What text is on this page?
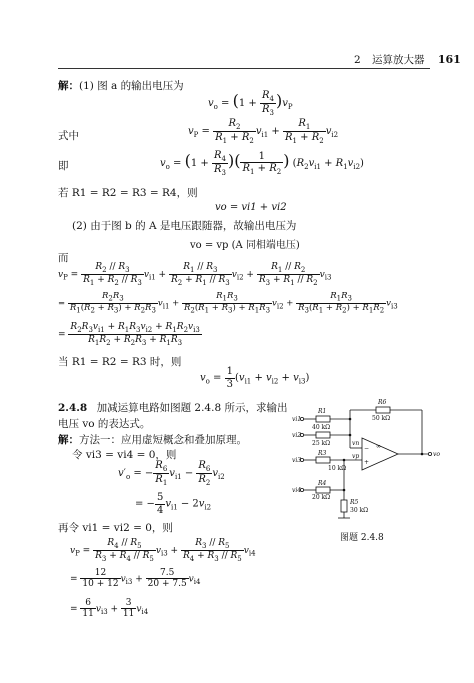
2 运算放大器 161
解：(1) 图 a 的输出电压为
$v_o = (1 + \frac{R_4}{R_3} )v_P$
式中	$v_P = \frac{R_2}{R_1 + R_2} v_{i1} + \frac{R_1}{R_1 + R_2} v_{i2}$
即	$v_o = (1 + \frac{R_4}{R_3}$ )( $\frac{1}{R_1 + R_2}$ ) $(R_2v_{i1} + R_1v_{i2})$
若 R1 = R2 = R3 = R4，则
vo = vi1 + vi2
(2) 由于图 b 的 A 是电压跟随器，故输出电压为
vo = vp (A 同相端电压)
而
$v_P = \frac{R_2 // R_3}{R_1 + R_2 // R_3} v_{i1} + \frac{R_1 // R_3}{R_2 + R_1 // R_3} v_{i2} + \frac{R_1 // R_2}{R_3 + R_1 // R_2} v_{i3}$
= $\frac{R_2R_3}{R_1(R_2 + R_3) + R_2R_3} v_{i1} + \frac{R_1R_3}{R_2(R_1 + R_3) + R_1R_3} v_{i2} + \frac{R_1R_3}{R_3(R_1 + R_2) + R_1R_2} v_{i3}$
= $\frac{R_2R_3v_{i1} + R_1R_3v_{i2} + R_1R_2v_{i3}}{R_1R_2 + R_2R_3 + R_1R_3}$
当 R1 = R2 = R3 时，则
$v_o = \frac{1}{3} (v_{i1} + v_{i2} + v_{i3})$
2.4.8 加减运算电路如图题 2.4.8 所示，求输出
电压 vo 的表达式。
解：方法一：应用虚短概念和叠加原理。
令 vi3 = vi4 = 0，则
$v'_o$ = − $\frac{R_6}{R_1} v_{i1} - \frac{R_6}{R_2} v_{i2}$
= − $\frac{5}{4} v_{i1} - 2v_{i2}$
再令 vi1 = vi2 = 0，则
$v_P = \frac{R_4 // R_5}{R_3 + R_4 // R_5} v_{i3} + \frac{R_3 // R_5}{R_4 + R_3 // R_5} v_{i4}$
= $\frac{12}{10 + 12} v_{i3} + \frac{7.5}{20 + 7.5} v_{i4}$
= $\frac{6}{11} v_{i3} + \frac{3}{11} v_{i4}$
vi1
vi2
vi3
vi4
R1
40 kΩ
25 kΩ
R3
10 kΩ
R4
20 kΩ
R5
30 kΩ
R6
50 kΩ
vn
vp
−
+
∞
vo
图题 2.4.8
